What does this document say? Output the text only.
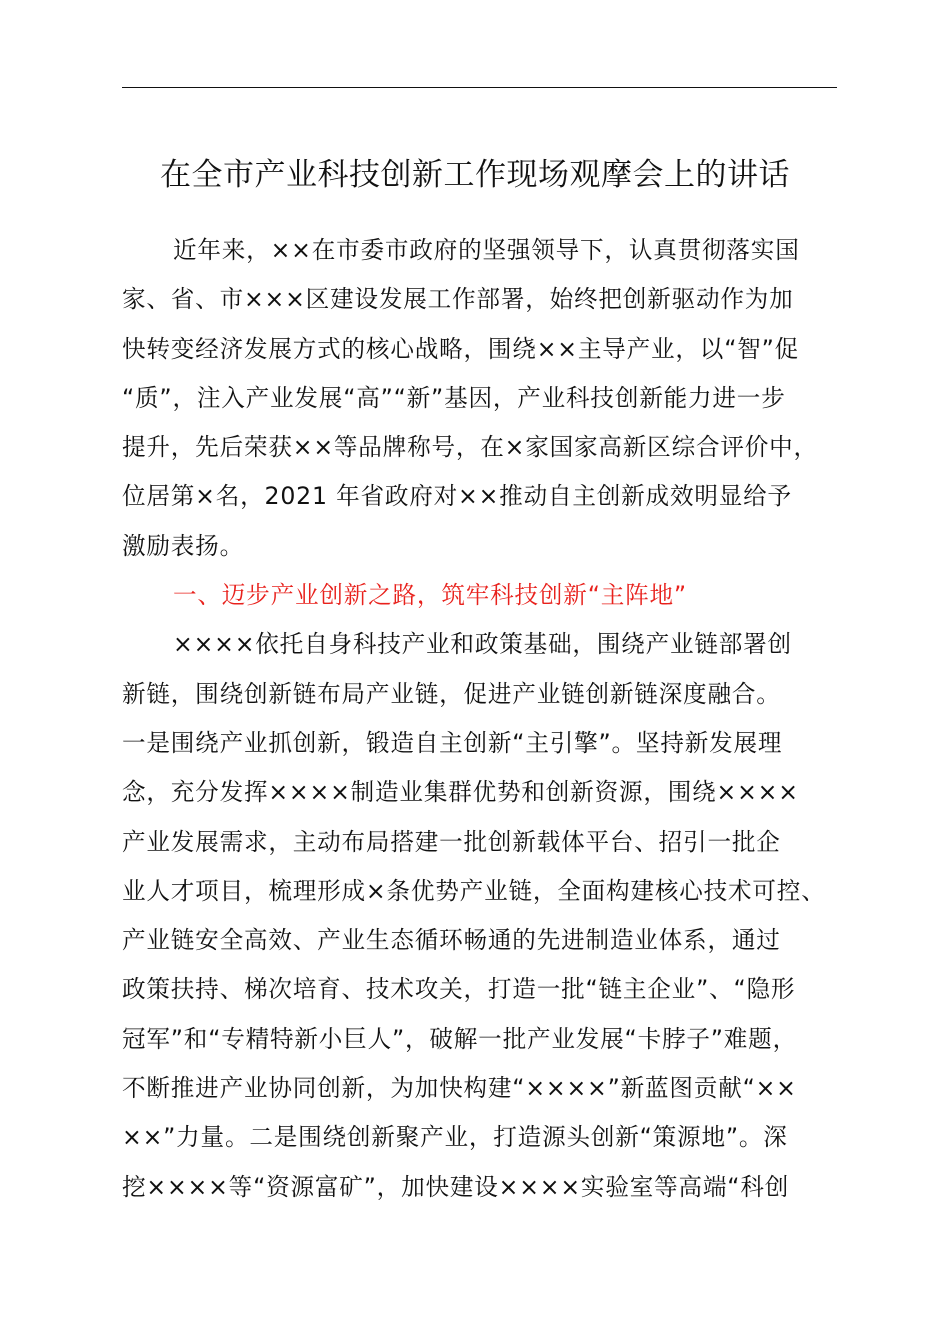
在全市产业科技创新工作现场观摩会上的讲话
近年来，××在市委市政府的坚强领导下，认真贯彻落实国
家、省、市×××区建设发展工作部署，始终把创新驱动作为加
快转变经济发展方式的核心战略，围绕××主导产业，以“智”促
“质”，注入产业发展“高”“新”基因，产业科技创新能力进一步
提升，先后荣获××等品牌称号，在×家国家高新区综合评价中，
位居第×名，2021 年省政府对××推动自主创新成效明显给予
激励表扬。
一、迈步产业创新之路，筑牢科技创新“主阵地”
××××依托自身科技产业和政策基础，围绕产业链部署创
新链，围绕创新链布局产业链，促进产业链创新链深度融合。
一是围绕产业抓创新，锻造自主创新“主引擎”。坚持新发展理
念，充分发挥××××制造业集群优势和创新资源，围绕××××
产业发展需求，主动布局搭建一批创新载体平台、招引一批企
业人才项目，梳理形成×条优势产业链，全面构建核心技术可控、
产业链安全高效、产业生态循环畅通的先进制造业体系，通过
政策扶持、梯次培育、技术攻关，打造一批“链主企业”、“隐形
冠军”和“专精特新小巨人”，破解一批产业发展“卡脖子”难题，
不断推进产业协同创新，为加快构建“××××”新蓝图贡献“××
××”力量。二是围绕创新聚产业，打造源头创新“策源地”。深
挖××××等“资源富矿”，加快建设××××实验室等高端“科创
